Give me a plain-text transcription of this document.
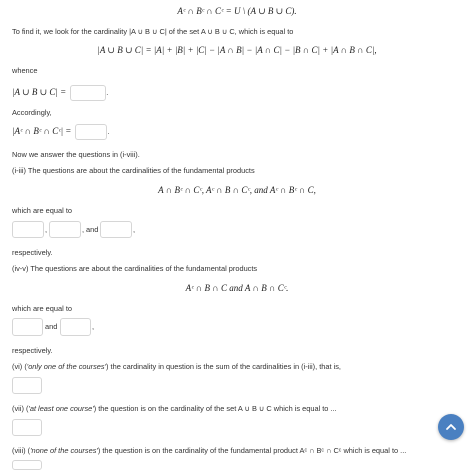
Aᶜ ∩ Bᶜ ∩ Cᶜ = U \ (A ∪ B ∪ C).
To find it, we look for the cardinality |A ∪ B ∪ C| of the set A ∪ B ∪ C, which is equal to
|A ∪ B ∪ C| = |A| + |B| + |C| − |A ∩ B| − |A ∩ C| − |B ∩ C| + |A ∩ B ∩ C|,
whence
|A ∪ B ∪ C| =	.
Accordingly,
|Aᶜ ∩ Bᶜ ∩ Cᶜ| =	.
Now we answer the questions in (i-viii).
(i-iii) The questions are about the cardinalities of the fundamental products
A ∩ Bᶜ ∩ Cᶜ, Aᶜ ∩ B ∩ Cᶜ, and Aᶜ ∩ Bᶜ ∩ C,
which are equal to
,	, and	,
respectively.
(iv-v) The questions are about the cardinalities of the fundamental products
Aᶜ ∩ B ∩ C and A ∩ B ∩ Cᶜ.
which are equal to
and	,
respectively.
(vi) ('only one of the courses') the cardinality in question is the sum of the cardinalities in (i-iii), that is,
(vii) ('at least one course') the question is on the cardinality of the set A ∪ B ∪ C which is equal to ...
(viii) ('none of the courses') the question is on the cardinality of the fundamental product Aᶜ ∩ Bᶜ ∩ Cᶜ which is equal to ...
